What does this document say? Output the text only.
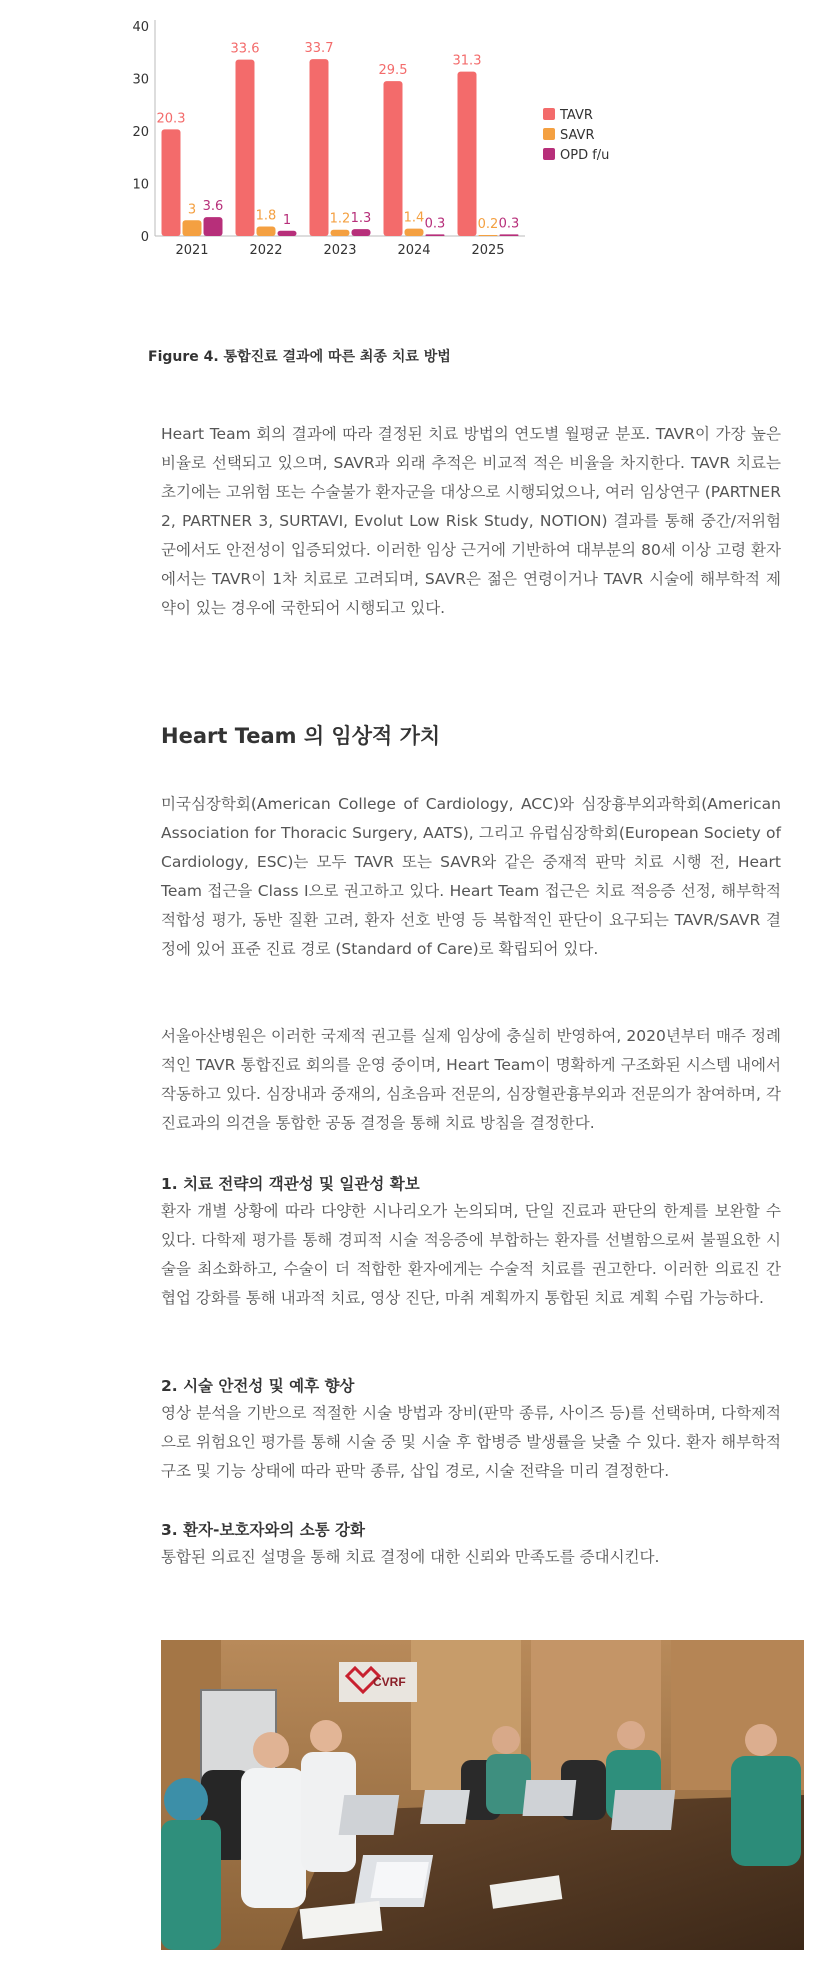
0
10
20
30
40
2021	2022	2023	2024	2025
20.3
3 3.6
33.6
1.8 1
33.7
1.2 1.3
29.5
1.4 0.3
31.3
0.2 0.3
TAVR
SAVR
OPD f/u
Figure 4. 통합진료 결과에 따른 최종 치료 방법

Heart Team 회의 결과에 따라 결정된 치료 방법의 연도별 월평균 분포. TAVR이 가장 높은 비율로 선택되고 있으며, SAVR과 외래 추적은 비교적 적은 비율을 차지한다. TAVR 치료는 초기에는 고위험 또는 수술불가 환자군을 대상으로 시행되었으나, 여러 임상연구 (PARTNER 2, PARTNER 3, SURTAVI, Evolut Low Risk Study, NOTION) 결과를 통해 중간/저위험군에서도 안전성이 입증되었다. 이러한 임상 근거에 기반하여 대부분의 80세 이상 고령 환자에서는 TAVR이 1차 치료로 고려되며, SAVR은 젊은 연령이거나 TAVR 시술에 해부학적 제약이 있는 경우에 국한되어 시행되고 있다.

Heart Team 의 임상적 가치

미국심장학회(American College of Cardiology, ACC)와 심장흉부외과학회(American Association for Thoracic Surgery, AATS), 그리고 유럽심장학회(European Society of Cardiology, ESC)는 모두 TAVR 또는 SAVR와 같은 중재적 판막 치료 시행 전, Heart Team 접근을 Class I으로 권고하고 있다. Heart Team 접근은 치료 적응증 선정, 해부학적 적합성 평가, 동반 질환 고려, 환자 선호 반영 등 복합적인 판단이 요구되는 TAVR/SAVR 결정에 있어 표준 진료 경로 (Standard of Care)로 확립되어 있다.

서울아산병원은 이러한 국제적 권고를 실제 임상에 충실히 반영하여, 2020년부터 매주 정례적인 TAVR 통합진료 회의를 운영 중이며, Heart Team이 명확하게 구조화된 시스템 내에서 작동하고 있다. 심장내과 중재의, 심초음파 전문의, 심장혈관흉부외과 전문의가 참여하며, 각 진료과의 의견을 통합한 공동 결정을 통해 치료 방침을 결정한다.

1. 치료 전략의 객관성 및 일관성 확보

환자 개별 상황에 따라 다양한 시나리오가 논의되며, 단일 진료과 판단의 한계를 보완할 수 있다. 다학제 평가를 통해 경피적 시술 적응증에 부합하는 환자를 선별함으로써 불필요한 시술을 최소화하고, 수술이 더 적합한 환자에게는 수술적 치료를 권고한다. 이러한 의료진 간 협업 강화를 통해 내과적 치료, 영상 진단, 마취 계획까지 통합된 치료 계획 수립 가능하다.

2. 시술 안전성 및 예후 향상

영상 분석을 기반으로 적절한 시술 방법과 장비(판막 종류, 사이즈 등)를 선택하며, 다학제적으로 위험요인 평가를 통해 시술 중 및 시술 후 합병증 발생률을 낮출 수 있다. 환자 해부학적 구조 및 기능 상태에 따라 판막 종류, 삽입 경로, 시술 전략을 미리 결정한다.

3. 환자-보호자와의 소통 강화

통합된 의료진 설명을 통해 치료 결정에 대한 신뢰와 만족도를 증대시킨다.

CVRF
